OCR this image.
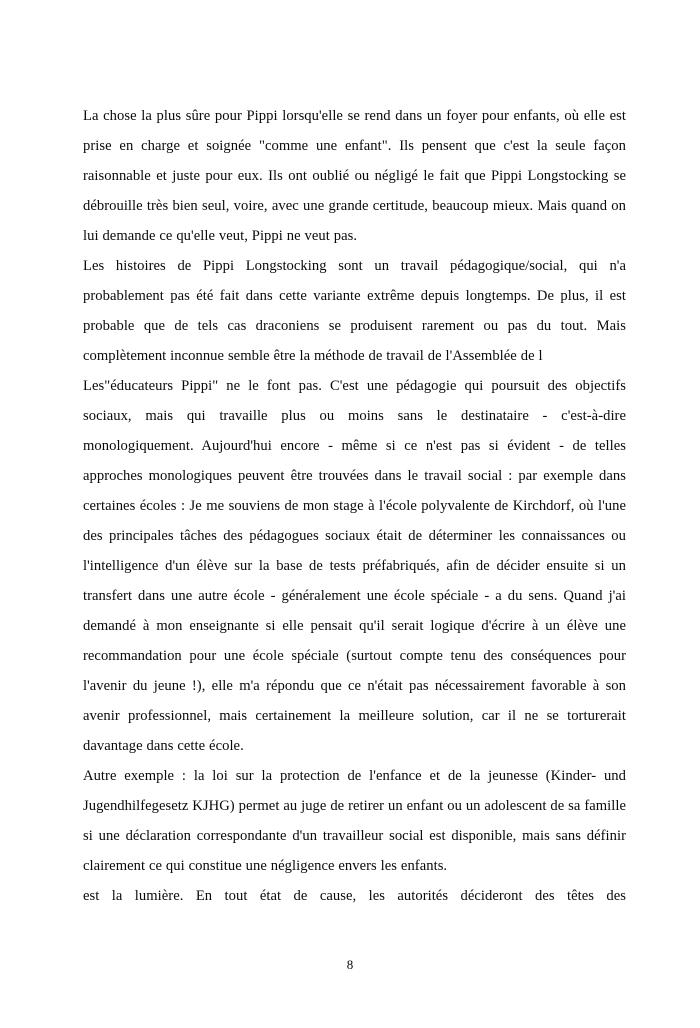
La chose la plus sûre pour Pippi lorsqu'elle se rend dans un foyer pour enfants, où elle est prise en charge et soignée "comme une enfant". Ils pensent que c'est la seule façon raisonnable et juste pour eux. Ils ont oublié ou négligé le fait que Pippi Longstocking se débrouille très bien seul, voire, avec une grande certitude, beaucoup mieux. Mais quand on lui demande ce qu'elle veut, Pippi ne veut pas.

Les histoires de Pippi Longstocking sont un travail pédagogique/social, qui n'a probablement pas été fait dans cette variante extrême depuis longtemps. De plus, il est probable que de tels cas draconiens se produisent rarement ou pas du tout. Mais complètement inconnue semble être la méthode de travail de l'Assemblée de l

Les"éducateurs Pippi" ne le font pas. C'est une pédagogie qui poursuit des objectifs sociaux, mais qui travaille plus ou moins sans le destinataire - c'est-à-dire monologiquement. Aujourd'hui encore - même si ce n'est pas si évident - de telles approches monologiques peuvent être trouvées dans le travail social : par exemple dans certaines écoles : Je me souviens de mon stage à l'école polyvalente de Kirchdorf, où l'une des principales tâches des pédagogues sociaux était de déterminer les connaissances ou l'intelligence d'un élève sur la base de tests préfabriqués, afin de décider ensuite si un transfert dans une autre école - généralement une école spéciale - a du sens. Quand j'ai demandé à mon enseignante si elle pensait qu'il serait logique d'écrire à un élève une recommandation pour une école spéciale (surtout compte tenu des conséquences pour l'avenir du jeune !), elle m'a répondu que ce n'était pas nécessairement favorable à son avenir professionnel, mais certainement la meilleure solution, car il ne se torturerait davantage dans cette école.

Autre exemple : la loi sur la protection de l'enfance et de la jeunesse (Kinder- und Jugendhilfegesetz KJHG) permet au juge de retirer un enfant ou un adolescent de sa famille si une déclaration correspondante d'un travailleur social est disponible, mais sans définir clairement ce qui constitue une négligence envers les enfants.

est la lumière. En tout état de cause, les autorités décideront des têtes des

8
